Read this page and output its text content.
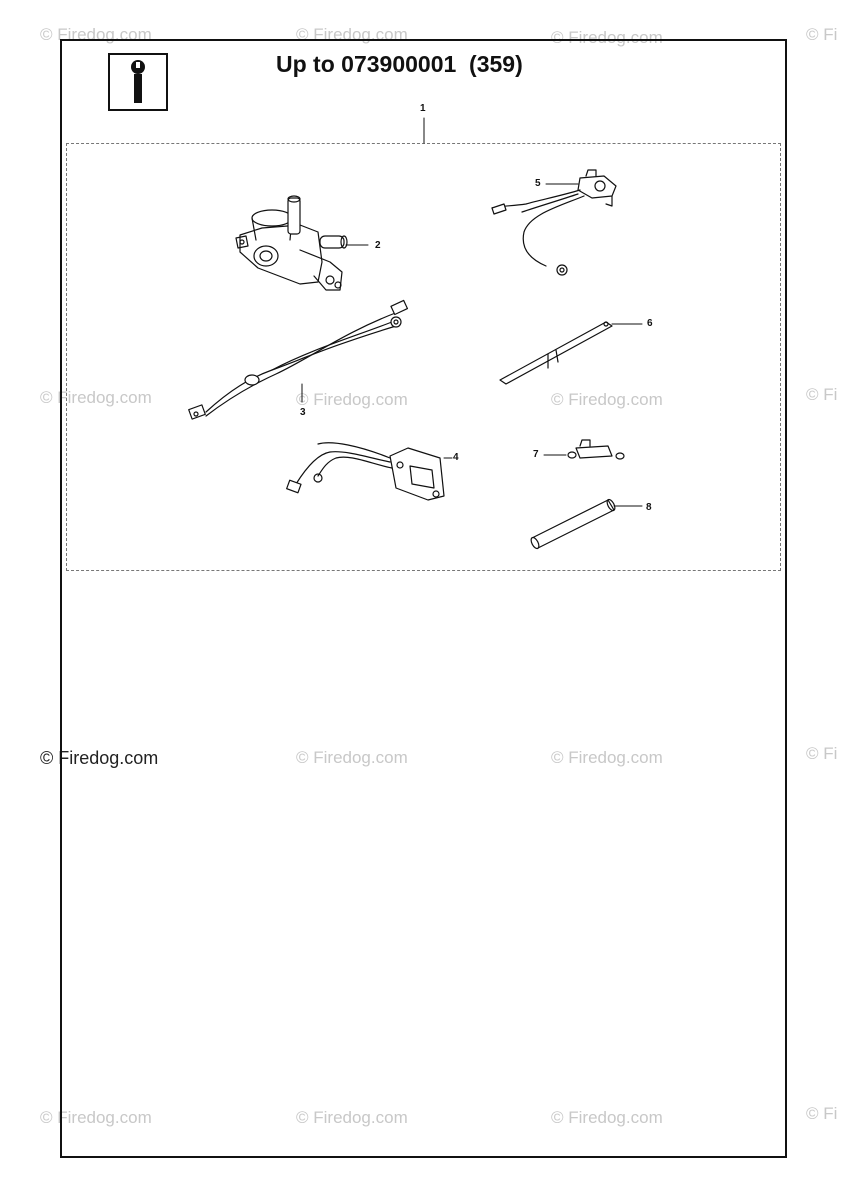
© Firedog.com	© Firedog.com	© Firedog.com	© Fi
© Firedog.com	© Firedog.com	© Firedog.com	© Fi
© Firedog.com	© Firedog.com	© Firedog.com	© Fi
© Firedog.com	© Firedog.com	© Firedog.com	© Fi
Up to 073900001  (359)
1
2
3
4
5
6
7
8
